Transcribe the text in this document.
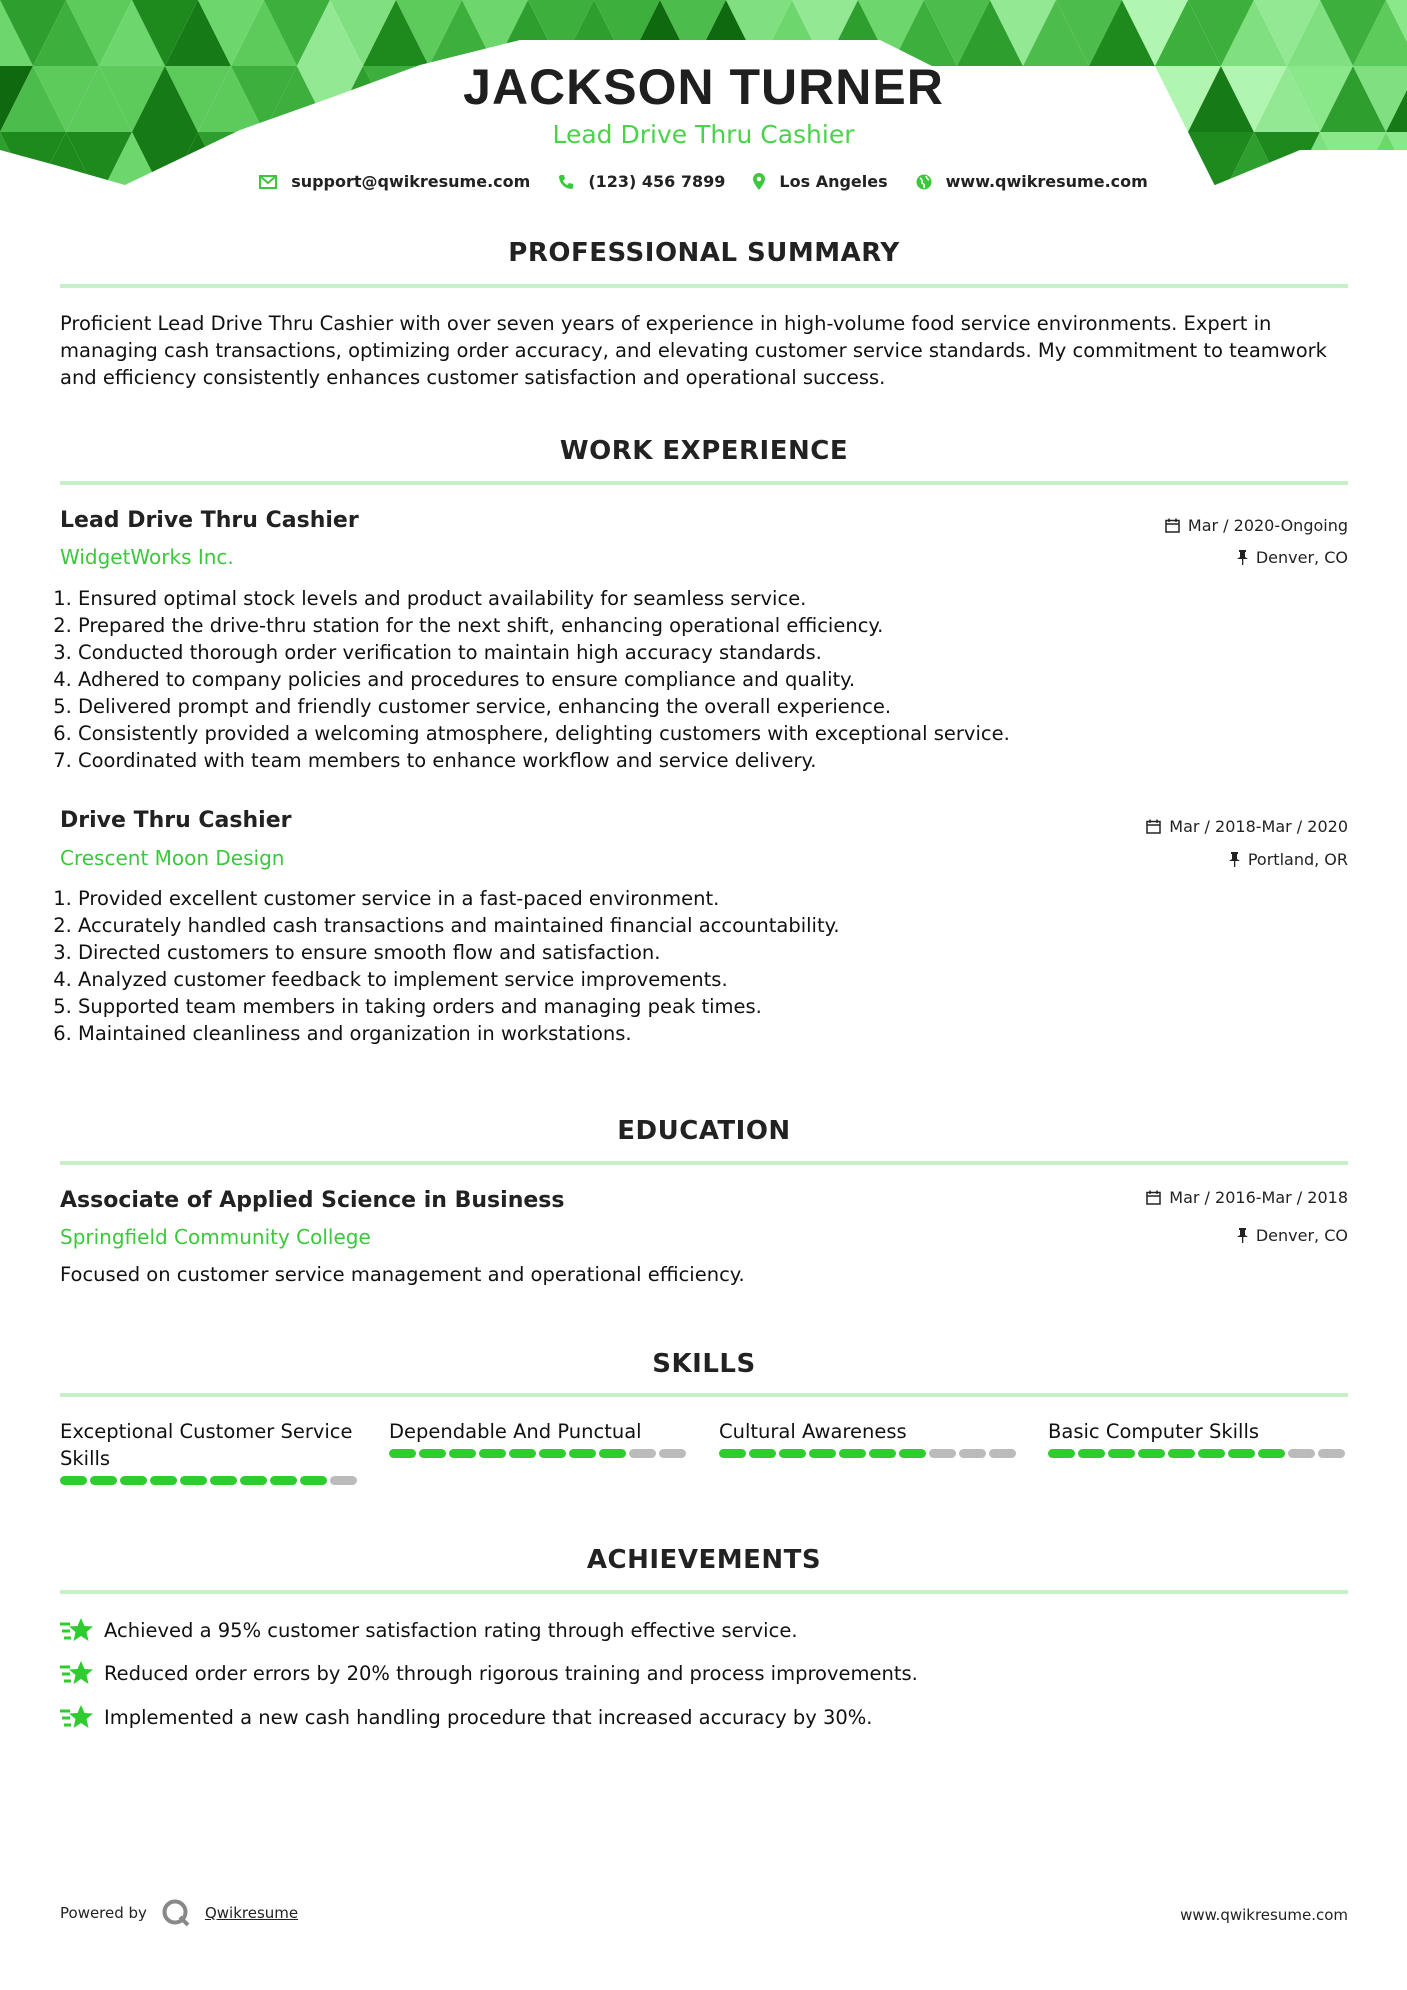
JACKSON TURNER
Lead Drive Thru Cashier
support@qwikresume.com	(123) 456 7899	Los Angeles	www.qwikresume.com
PROFESSIONAL SUMMARY
Proficient Lead Drive Thru Cashier with over seven years of experience in high-volume food service environments. Expert in managing cash transactions, optimizing order accuracy, and elevating customer service standards. My commitment to teamwork and efficiency consistently enhances customer satisfaction and operational success.
WORK EXPERIENCE
Lead Drive Thru Cashier
WidgetWorks Inc.
Mar / 2020-Ongoing
Denver, CO
1. Ensured optimal stock levels and product availability for seamless service.
2. Prepared the drive-thru station for the next shift, enhancing operational efficiency.
3. Conducted thorough order verification to maintain high accuracy standards.
4. Adhered to company policies and procedures to ensure compliance and quality.
5. Delivered prompt and friendly customer service, enhancing the overall experience.
6. Consistently provided a welcoming atmosphere, delighting customers with exceptional service.
7. Coordinated with team members to enhance workflow and service delivery.
Drive Thru Cashier
Crescent Moon Design
Mar / 2018-Mar / 2020
Portland, OR
1. Provided excellent customer service in a fast-paced environment.
2. Accurately handled cash transactions and maintained financial accountability.
3. Directed customers to ensure smooth flow and satisfaction.
4. Analyzed customer feedback to implement service improvements.
5. Supported team members in taking orders and managing peak times.
6. Maintained cleanliness and organization in workstations.
EDUCATION
Associate of Applied Science in Business
Springfield Community College
Mar / 2016-Mar / 2018
Denver, CO
Focused on customer service management and operational efficiency.
SKILLS
Exceptional Customer Service Skills
Dependable And Punctual	Cultural Awareness	Basic Computer Skills
ACHIEVEMENTS
Achieved a 95% customer satisfaction rating through effective service.
Reduced order errors by 20% through rigorous training and process improvements.
Implemented a new cash handling procedure that increased accuracy by 30%.
Powered by	Qwikresume	www.qwikresume.com
